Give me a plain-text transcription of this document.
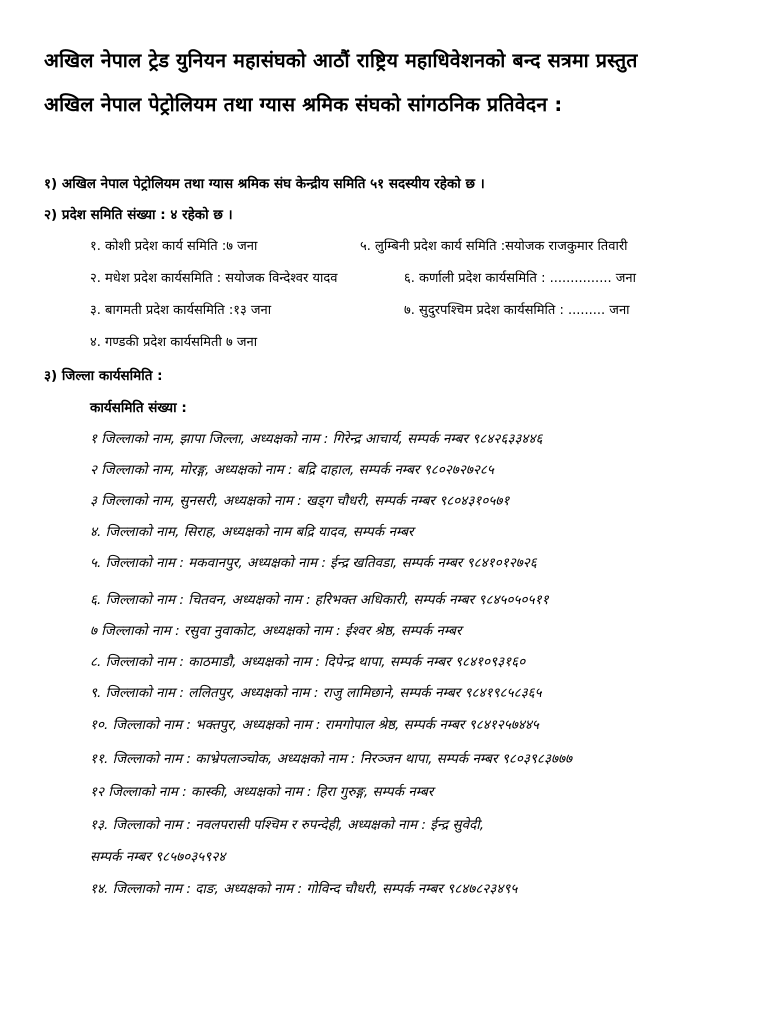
अखिल नेपाल ट्रेड युनियन महासंघको आठौं राष्ट्रिय महाधिवेशनको बन्द सत्रमा प्रस्तुत
अखिल नेपाल पेट्रोलियम तथा ग्यास श्रमिक संघको सांगठनिक प्रतिवेदन :
१) अखिल नेपाल पेट्रोलियम तथा ग्यास श्रमिक संघ केन्द्रीय समिति ५१ सदस्यीय रहेको छ ।
२) प्रदेश समिति संख्या : ४ रहेको छ ।
१. कोशी प्रदेश कार्य समिति :७ जना	५. लुम्बिनी प्रदेश कार्य समिति :सयोजक राजकुमार तिवारी
२. मधेश प्रदेश कार्यसमिति : सयोजक विन्देश्वर यादव	६. कर्णाली प्रदेश कार्यसमिति : ............... जना
३. बागमती प्रदेश कार्यसमिति :१३ जना	७. सुदुरपश्चिम प्रदेश कार्यसमिति : ......... जना
४. गण्डकी प्रदेश कार्यसमिती ७ जना
३) जिल्ला कार्यसमिति :
कार्यसमिति संख्या :
१ जिल्लाको नाम, झापा जिल्ला, अध्यक्षको नाम : गिरेन्द्र आचार्य, सम्पर्क नम्बर ९८४२६३३४४६
२ जिल्लाको नाम, मोरङ्ग, अध्यक्षको नाम : बद्रि दाहाल, सम्पर्क नम्बर ९८०२७२७२८५
३ जिल्लाको नाम, सुनसरी, अध्यक्षको नाम : खड्ग चौधरी, सम्पर्क नम्बर ९८०४३१०५७१
४. जिल्लाको नाम, सिराह, अध्यक्षको नाम बद्रि यादव, सम्पर्क नम्बर
५. जिल्लाको नाम : मकवानपुर, अध्यक्षको नाम : ईन्द्र खतिवडा, सम्पर्क नम्बर ९८४१०१२७२६
६. जिल्लाको नाम : चितवन, अध्यक्षको नाम : हरिभक्त अधिकारी, सम्पर्क नम्बर ९८४५०५०५११
७ जिल्लाको नाम : रसुवा नुवाकोट, अध्यक्षको नाम : ईश्वर श्रेष्ठ, सम्पर्क नम्बर
८. जिल्लाको नाम : काठमाडौ, अध्यक्षको नाम : दिपेन्द्र थापा, सम्पर्क नम्बर ९८४१०९३१६०
९. जिल्लाको नाम : ललितपुर, अध्यक्षको नाम : राजु लामिछाने, सम्पर्क नम्बर ९८४१९८५८३६५
१०. जिल्लाको नाम : भक्तपुर, अध्यक्षको नाम : रामगोपाल श्रेष्ठ, सम्पर्क नम्बर ९८४१२५७४४५
११. जिल्लाको नाम : काभ्रेपलाञ्चोक, अध्यक्षको नाम : निरञ्जन थापा, सम्पर्क नम्बर ९८०३९८३७७७
१२ जिल्लाको नाम : कास्की, अध्यक्षको नाम : हिरा गुरुङ्ग, सम्पर्क नम्बर
१३. जिल्लाको नाम : नवलपरासी पश्चिम र रुपन्देही, अध्यक्षको नाम : ईन्द्र सुवेदी,
सम्पर्क नम्बर ९८५७०३५९२४
१४. जिल्लाको नाम : दाङ, अध्यक्षको नाम : गोविन्द चौधरी, सम्पर्क नम्बर ९८४७८२३४९५
